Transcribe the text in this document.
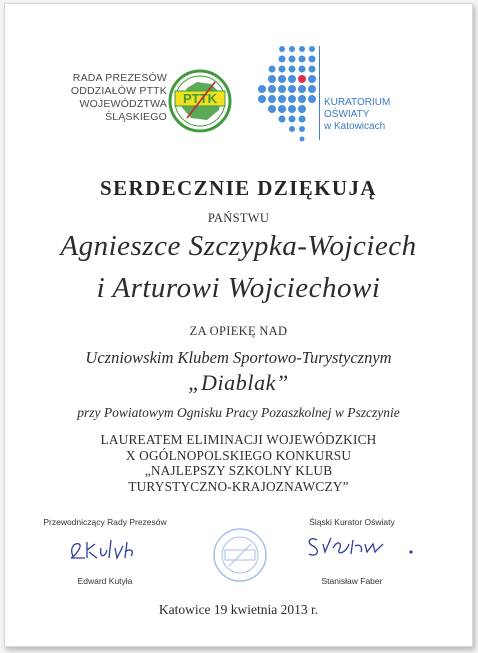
RADA PREZESÓW
ODDZIAŁÓW PTTK
WOJEWÓDZTWA
ŚLĄSKIEGO
PTTK	KURATORIUM
OŚWIATY
w Katowicach
SERDECZNIE DZIĘKUJĄ
PAŃSTWU
Agnieszce Szczypka-Wojciech
i Arturowi Wojciechowi
ZA OPIEKĘ NAD
Uczniowskim Klubem Sportowo-Turystycznym
„Diablak”
przy Powiatowym Ognisku Pracy Pozaszkolnej w Pszczynie
LAUREATEM ELIMINACJI WOJEWÓDZKICH
X OGÓLNOPOLSKIEGO KONKURSU
„NAJLEPSZY SZKOLNY KLUB
TURYSTYCZNO-KRAJOZNAWCZY”
Przewodniczący Rady Prezesów
Edward Kutyła
Śląski Kurator Oświaty
Stanisław Faber
Katowice 19 kwietnia 2013 r.
